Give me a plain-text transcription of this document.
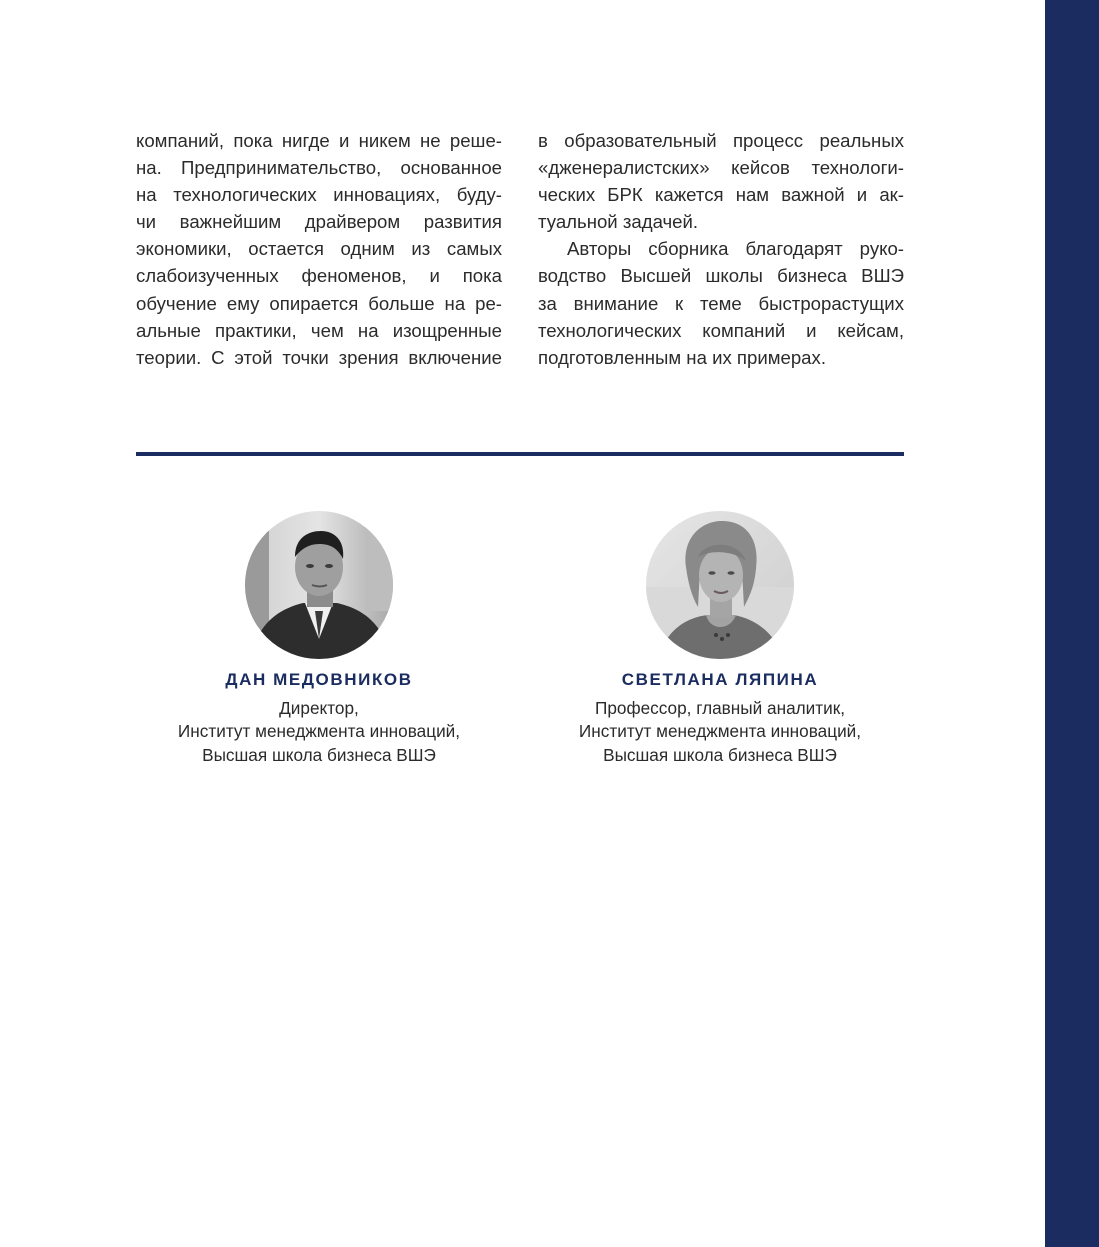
компаний, пока нигде и никем не реше-
на. Предпринимательство, основанное
на технологических инновациях, буду-
чи важнейшим драйвером развития
экономики, остается одним из самых
слабоизученных феноменов, и пока
обучение ему опирается больше на ре-
альные практики, чем на изощренные
теории. С этой точки зрения включение

в образовательный процесс реальных
«дженералистских» кейсов технологи-
ческих БРК кажется нам важной и ак-
туальной задачей.

Авторы сборника благодарят руко-
водство Высшей школы бизнеса ВШЭ
за внимание к теме быстрорастущих
технологических компаний и кейсам,
подготовленным на их примерах.

ДАН МЕДОВНИКОВ
Директор,
Институт менеджмента инноваций,
Высшая школа бизнеса ВШЭ
СВЕТЛАНА ЛЯПИНА
Профессор, главный аналитик,
Институт менеджмента инноваций,
Высшая школа бизнеса ВШЭ
